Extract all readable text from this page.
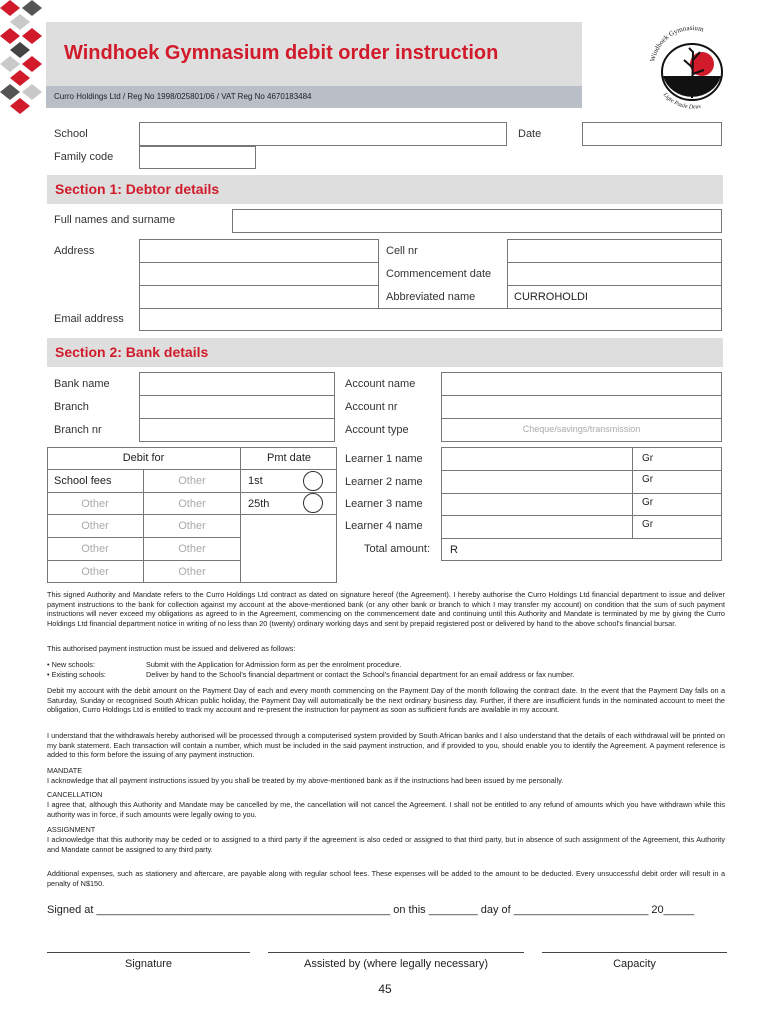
Windhoek Gymnasium debit order instruction
Curro Holdings Ltd / Reg No 1998/025801/06 / VAT Reg No 4670183484
Windhoek Gymnasium
Ligte Paule Deus
School	Date
Family code
Section 1: Debtor details
Full names and surname
Address	Cell nr
Commencement date
Abbreviated name	CURROHOLDI
Email address
Section 2: Bank details
Bank name
Branch
Branch nr
Account name
Account nr
Account type	Cheque/savings/transmission
Debit for	Pmt date
School fees	Other	1st
Other	Other	25th
Other	Other
Other	Other
Other	Other
Learner 1 name	Gr
Learner 2 name	Gr
Learner 3 name	Gr
Learner 4 name	Gr
Total amount: R

This signed Authority and Mandate refers to the Curro Holdings Ltd contract as dated on signature hereof (the Agreement). I hereby authorise the Curro Holdings Ltd financial department to issue and deliver payment instructions to the bank for collection against my account at the above-mentioned bank (or any other bank or branch to which I may transfer my account) on condition that the sum of such payment instructions will never exceed my obligations as agreed to in the Agreement, commencing on the commencement date and continuing until this Authority and Mandate is terminated by me by giving the Curro Holdings Ltd financial department notice in writing of no less than 20 (twenty) ordinary working days and sent by prepaid registered post or delivered by hand to the above school's financial bursar.

This authorised payment instruction must be issued and delivered as follows:

• New schools:	Submit with the Application for Admission form as per the enrolment procedure.
• Existing schools:	Deliver by hand to the School's financial department or contact the School's financial department for an email address or fax number.

Debit my account with the debit amount on the Payment Day of each and every month commencing on the Payment Day of the month following the contract date. In the event that the Payment Day falls on a Saturday, Sunday or recognised South African public holiday, the Payment Day will automatically be the next ordinary business day. Further, if there are insufficient funds in the nominated account to meet the obligation, Curro Holdings Ltd is entitled to track my account and re-present the instruction for payment as soon as sufficient funds are available in my account.

I understand that the withdrawals hereby authorised will be processed through a computerised system provided by South African banks and I also understand that the details of each withdrawal will be printed on my bank statement. Each transaction will contain a number, which must be included in the said payment instruction, and if provided to you, should enable you to identify the Agreement. A payment reference is added to this form before the issuing of any payment instruction.

MANDATE

I acknowledge that all payment instructions issued by you shall be treated by my above-mentioned bank as if the instructions had been issued by me personally.

CANCELLATION

I agree that, although this Authority and Mandate may be cancelled by me, the cancellation will not cancel the Agreement. I shall not be entitled to any refund of amounts which you have withdrawn while this authority was in force, if such amounts were legally owing to you.

ASSIGNMENT

I acknowledge that this authority may be ceded or to assigned to a third party if the agreement is also ceded or assigned to that third party, but in absence of such assignment of the Agreement, this Authority and Mandate cannot be assigned to any third party.

Additional expenses, such as stationery and aftercare, are payable along with regular school fees. These expenses will be added to the amount to be deducted. Every unsuccessful debit order will result in a penalty of N$150.

Signed at ________________________________________________ on this ________ day of ______________________ 20_____
Signature	Assisted by (where legally necessary)	Capacity
45
